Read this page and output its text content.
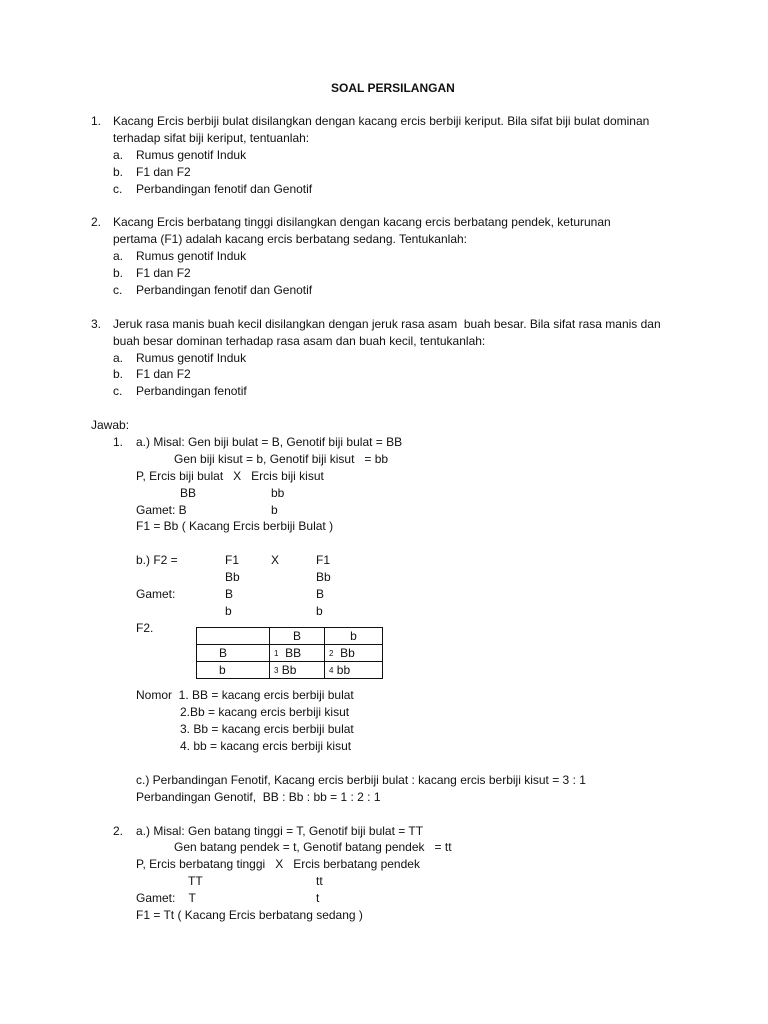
SOAL PERSILANGAN
1. Kacang Ercis berbiji bulat disilangkan dengan kacang ercis berbiji keriput. Bila sifat biji bulat dominan
terhadap sifat biji keriput, tentuanlah:
a. Rumus genotif Induk
b. F1 dan F2
c. Perbandingan fenotif dan Genotif
2. Kacang Ercis berbatang tinggi disilangkan dengan kacang ercis berbatang pendek, keturunan
pertama (F1) adalah kacang ercis berbatang sedang. Tentukanlah:
a. Rumus genotif Induk
b. F1 dan F2
c. Perbandingan fenotif dan Genotif
3. Jeruk rasa manis buah kecil disilangkan dengan jeruk rasa asam  buah besar. Bila sifat rasa manis dan
buah besar dominan terhadap rasa asam dan buah kecil, tentukanlah:
a. Rumus genotif Induk
b. F1 dan F2
c. Perbandingan fenotif
Jawab:
1. a.) Misal: Gen biji bulat = B, Genotif biji bulat = BB
Gen biji kisut = b, Genotif biji kisut   = bb
P, Ercis biji bulat   X   Ercis biji kisut
BB	bb
Gamet: B	b
F1 = Bb ( Kacang Ercis berbiji Bulat )
b.) F2 =	F1	X	F1
Bb	Bb
Gamet:	B	B
b	b
F2.
	B	b
B	1 BB	2 Bb
b	3 Bb	4 bb
Nomor  1. BB = kacang ercis berbiji bulat
2.Bb = kacang ercis berbiji kisut
3. Bb = kacang ercis berbiji bulat
4. bb = kacang ercis berbiji kisut
c.) Perbandingan Fenotif, Kacang ercis berbiji bulat : kacang ercis berbiji kisut = 3 : 1
Perbandingan Genotif,  BB : Bb : bb = 1 : 2 : 1
2. a.) Misal: Gen batang tinggi = T, Genotif biji bulat = TT
Gen batang pendek = t, Genotif batang pendek   = tt
P, Ercis berbatang tinggi   X   Ercis berbatang pendek
TT	tt
Gamet:    T	t
F1 = Tt ( Kacang Ercis berbatang sedang )
